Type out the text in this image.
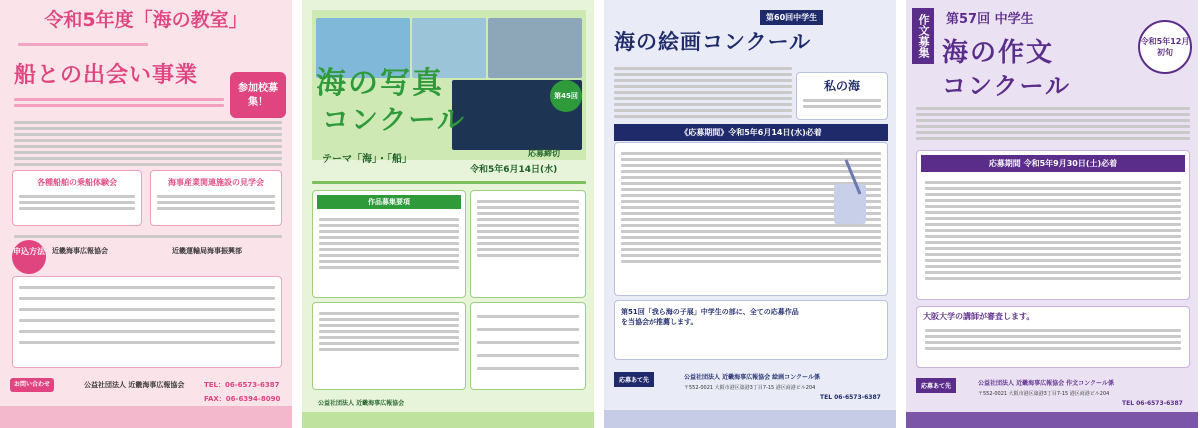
令和5年度「海の教室」
船との出会い事業
参加校募集！
各種船舶の乗船体験会	海事産業関連施設の見学会
申込方法 近畿海事広報協会	近畿運輸局海事振興部
お問い合わせ	公益社団法人 近畿海事広報協会	TEL：06-6573-6387
FAX：06-6394-8090
海の写真
コンクール
第45回
テーマ「海」・「船」
応募締切
令和5年6月14日(水)
作品募集要項
公益社団法人 近畿海事広報協会
第60回中学生
海の絵画コンクール
私の海
《応募期間》令和5年6月14日(水)必着
第51回「我ら海の子展」中学生の部に、全ての応募作品を当協会が推薦します。
応募あて先	公益社団法人 近畿海事広報協会 絵画コンクール係
〒552-0021 大阪市港区築港3丁目7-15 港区商港ビル204
TEL 06-6573-6387
作文募集	第57回 中学生
海の作文
コンクール
令和5年12月初旬
応募期間 令和5年9月30日(土)必着
大阪大学の講師が審査します。
応募あて先	公益社団法人 近畿海事広報協会 作文コンクール係
〒552-0021 大阪市港区築港3丁目7-15 港区商港ビル204
TEL 06-6573-6387
